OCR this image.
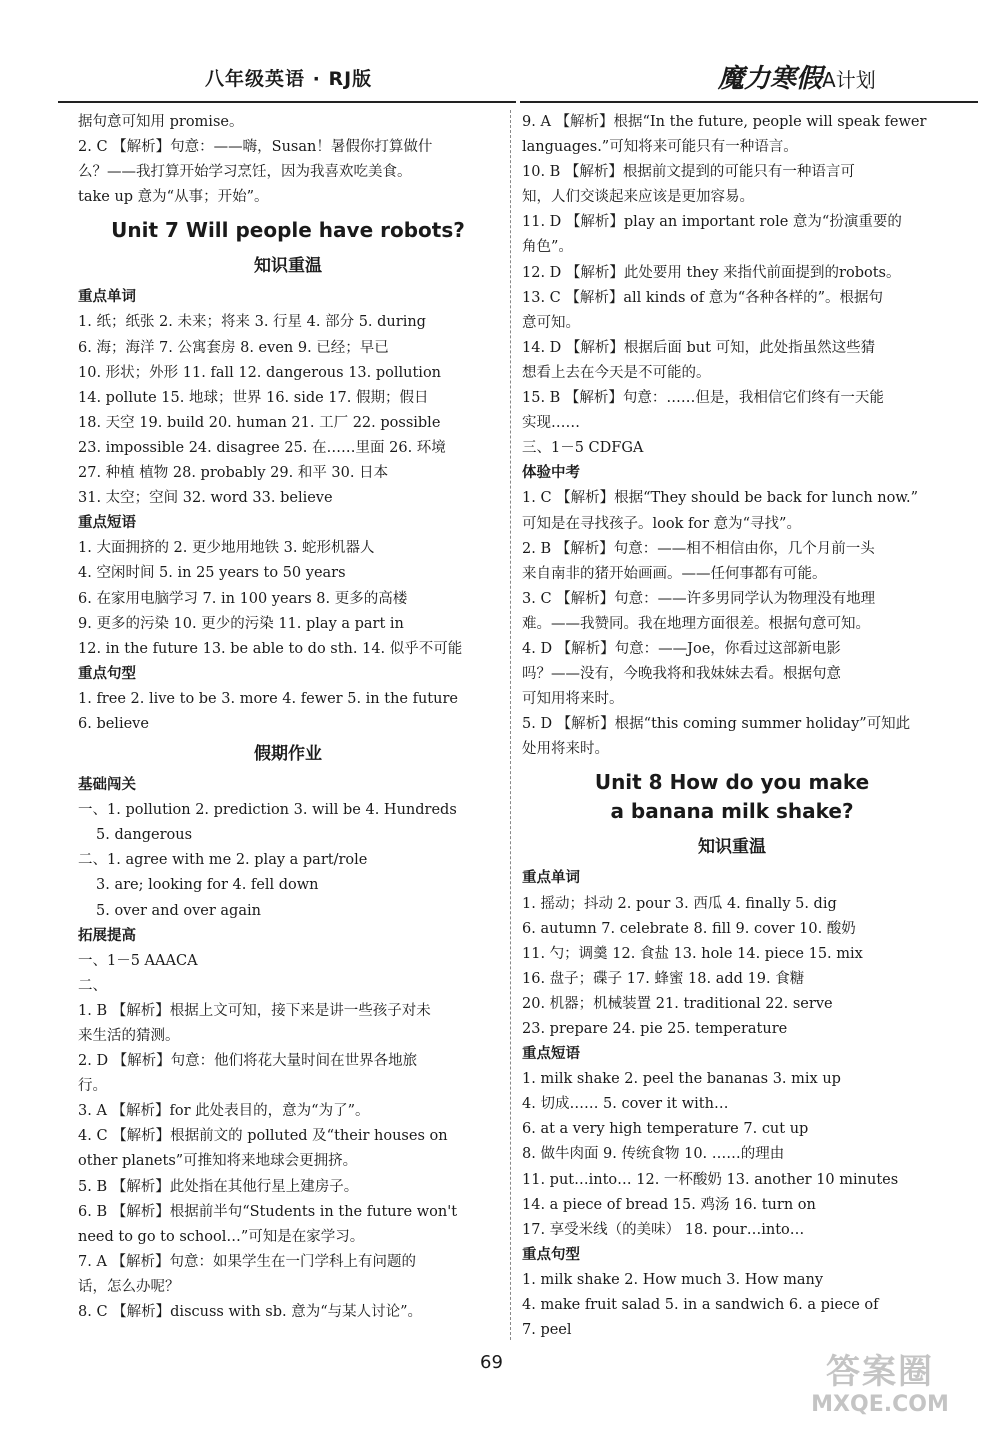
八年级英语 · RJ版	魔力寒假A计划
据句意可知用 promise。
2. C 【解析】句意：——嗨，Susan！暑假你打算做什
么？——我打算开始学习烹饪，因为我喜欢吃美食。
take up 意为“从事；开始”。
Unit 7 Will people have robots?
知识重温
重点单词
1. 纸；纸张 2. 未来；将来 3. 行星 4. 部分 5. during
6. 海；海洋 7. 公寓套房 8. even 9. 已经；早已
10. 形状；外形 11. fall 12. dangerous 13. pollution
14. pollute 15. 地球；世界 16. side 17. 假期；假日
18. 天空 19. build 20. human 21. 工厂 22. possible
23. impossible 24. disagree 25. 在……里面 26. 环境
27. 种植 植物 28. probably 29. 和平 30. 日本
31. 太空；空间 32. word 33. believe
重点短语
1. 大面拥挤的 2. 更少地用地铁 3. 蛇形机器人
4. 空闲时间 5. in 25 years to 50 years
6. 在家用电脑学习 7. in 100 years 8. 更多的高楼
9. 更多的污染 10. 更少的污染 11. play a part in
12. in the future 13. be able to do sth. 14. 似乎不可能
重点句型
1. free 2. live to be 3. more 4. fewer 5. in the future
6. believe
假期作业
基础闯关
一、1. pollution 2. prediction 3. will be 4. Hundreds
5. dangerous
二、1. agree with me 2. play a part/role
3. are; looking for 4. fell down
5. over and over again
拓展提高
一、1－5 AAACA
二、
1. B 【解析】根据上文可知，接下来是讲一些孩子对未
来生活的猜测。
2. D 【解析】句意：他们将花大量时间在世界各地旅
行。
3. A 【解析】for 此处表目的，意为“为了”。
4. C 【解析】根据前文的 polluted 及“their houses on
other planets”可推知将来地球会更拥挤。
5. B 【解析】此处指在其他行星上建房子。
6. B 【解析】根据前半句“Students in the future won't
need to go to school…”可知是在家学习。
7. A 【解析】句意：如果学生在一门学科上有问题的
话，怎么办呢？
8. C 【解析】discuss with sb. 意为“与某人讨论”。
9. A 【解析】根据“In the future, people will speak fewer
languages.”可知将来可能只有一种语言。
10. B 【解析】根据前文提到的可能只有一种语言可
知，人们交谈起来应该是更加容易。
11. D 【解析】play an important role 意为“扮演重要的
角色”。
12. D 【解析】此处要用 they 来指代前面提到的robots。
13. C 【解析】all kinds of 意为“各种各样的”。根据句
意可知。
14. D 【解析】根据后面 but 可知，此处指虽然这些猜
想看上去在今天是不可能的。
15. B 【解析】句意：……但是，我相信它们终有一天能
实现……
三、1－5 CDFGA
体验中考
1. C 【解析】根据“They should be back for lunch now.”
可知是在寻找孩子。look for 意为“寻找”。
2. B 【解析】句意：——相不相信由你，几个月前一头
来自南非的猪开始画画。——任何事都有可能。
3. C 【解析】句意：——许多男同学认为物理没有地理
难。——我赞同。我在地理方面很差。根据句意可知。
4. D 【解析】句意：——Joe，你看过这部新电影
吗？——没有，今晚我将和我妹妹去看。根据句意
可知用将来时。
5. D 【解析】根据“this coming summer holiday”可知此
处用将来时。
Unit 8 How do you make
a banana milk shake?
知识重温
重点单词
1. 摇动；抖动 2. pour 3. 西瓜 4. finally 5. dig
6. autumn 7. celebrate 8. fill 9. cover 10. 酸奶
11. 勺；调羹 12. 食盐 13. hole 14. piece 15. mix
16. 盘子；碟子 17. 蜂蜜 18. add 19. 食糖
20. 机器；机械装置 21. traditional 22. serve
23. prepare 24. pie 25. temperature
重点短语
1. milk shake 2. peel the bananas 3. mix up
4. 切成…… 5. cover it with…
6. at a very high temperature 7. cut up
8. 做牛肉面 9. 传统食物 10. ……的理由
11. put…into… 12. 一杯酸奶 13. another 10 minutes
14. a piece of bread 15. 鸡汤 16. turn on
17. 享受米线（的美味） 18. pour…into…
重点句型
1. milk shake 2. How much 3. How many
4. make fruit salad 5. in a sandwich 6. a piece of
7. peel
69	答案圈
MXQE.COM
